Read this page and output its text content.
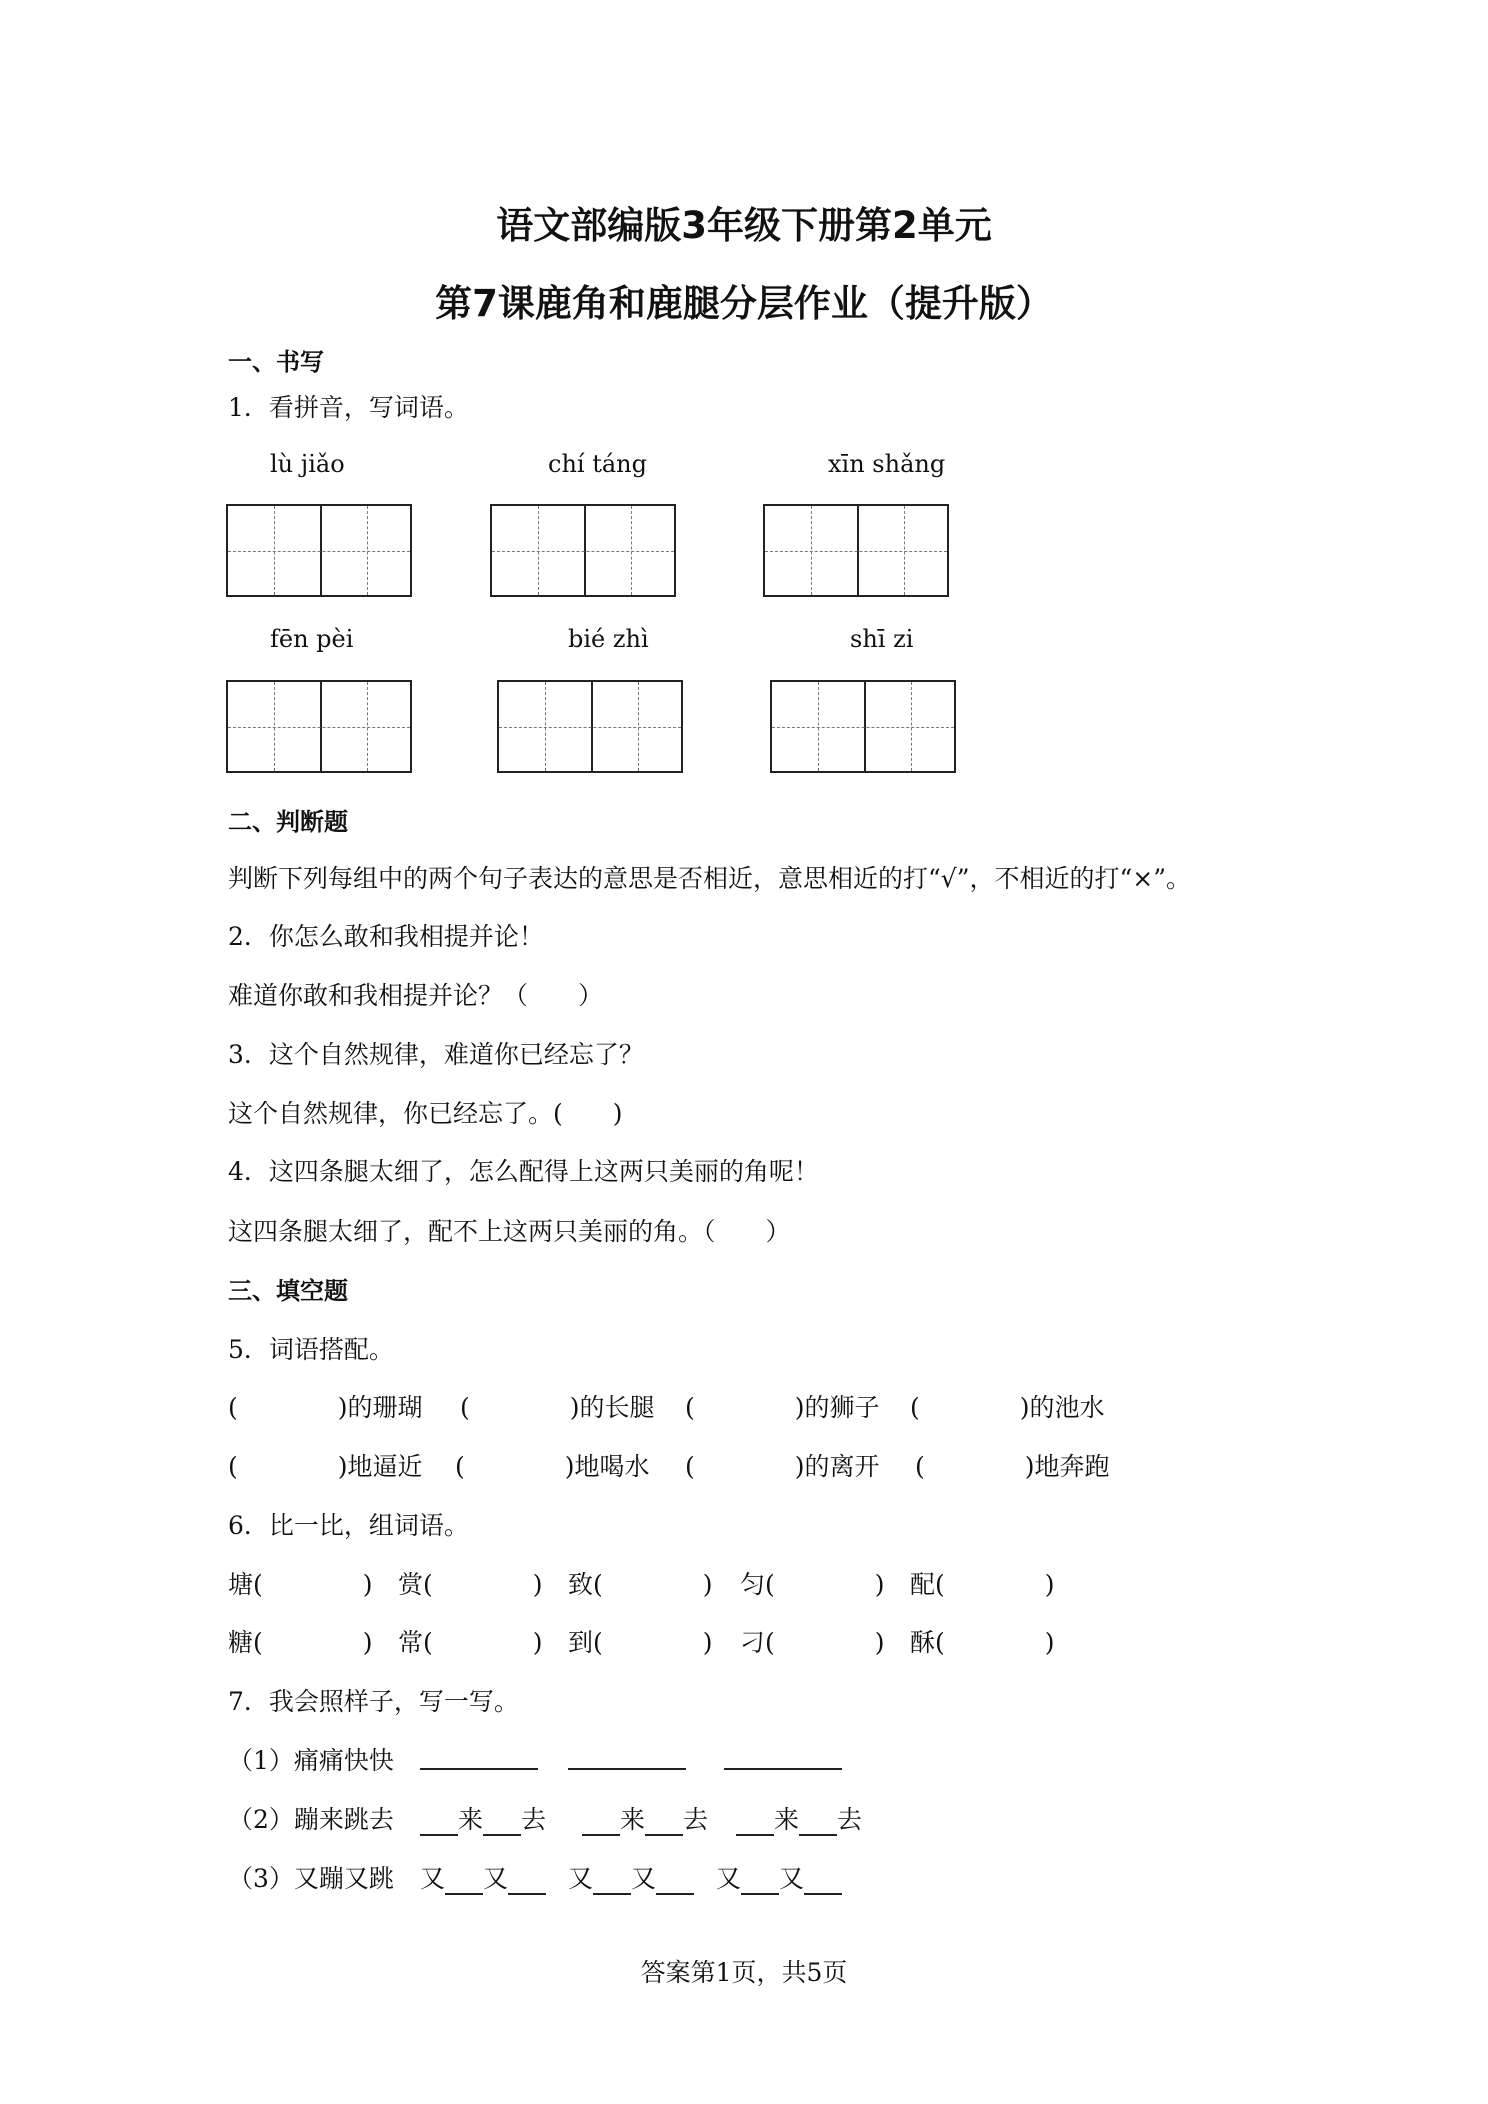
语文部编版3年级下册第2单元
第7课鹿角和鹿腿分层作业（提升版）
一、书写
1．看拼音，写词语。
lù jiǎo	chí táng	xīn shǎng
fēn pèi	bié zhì	shī zi
二、判断题
判断下列每组中的两个句子表达的意思是否相近，意思相近的打“√”，不相近的打“×”。
2．你怎么敢和我相提并论！
难道你敢和我相提并论？（　　）
3．这个自然规律，难道你已经忘了？
这个自然规律，你已经忘了。(　　)
4．这四条腿太细了，怎么配得上这两只美丽的角呢！
这四条腿太细了，配不上这两只美丽的角。（　　）
三、填空题
5．词语搭配。
(　　　　)的珊瑚 (　　　　)的长腿 (　　　　)的狮子 (　　　　)的池水
(　　　　)地逼近 (　　　　)地喝水 (　　　　)的离开 (　　　　)地奔跑
6．比一比，组词语。
塘(　　　　) 赏(　　　　) 致(　　　　) 匀(　　　　) 配(　　　　)
糖(　　　　) 常(　　　　) 到(　　　　) 刁(　　　　) 酥(　　　　)
7．我会照样子，写一写。
（1）痛痛快快
（2）蹦来跳去	来 去	来 去	来 去
（3）又蹦又跳 又 又	又 又	又 又
答案第1页，共5页
